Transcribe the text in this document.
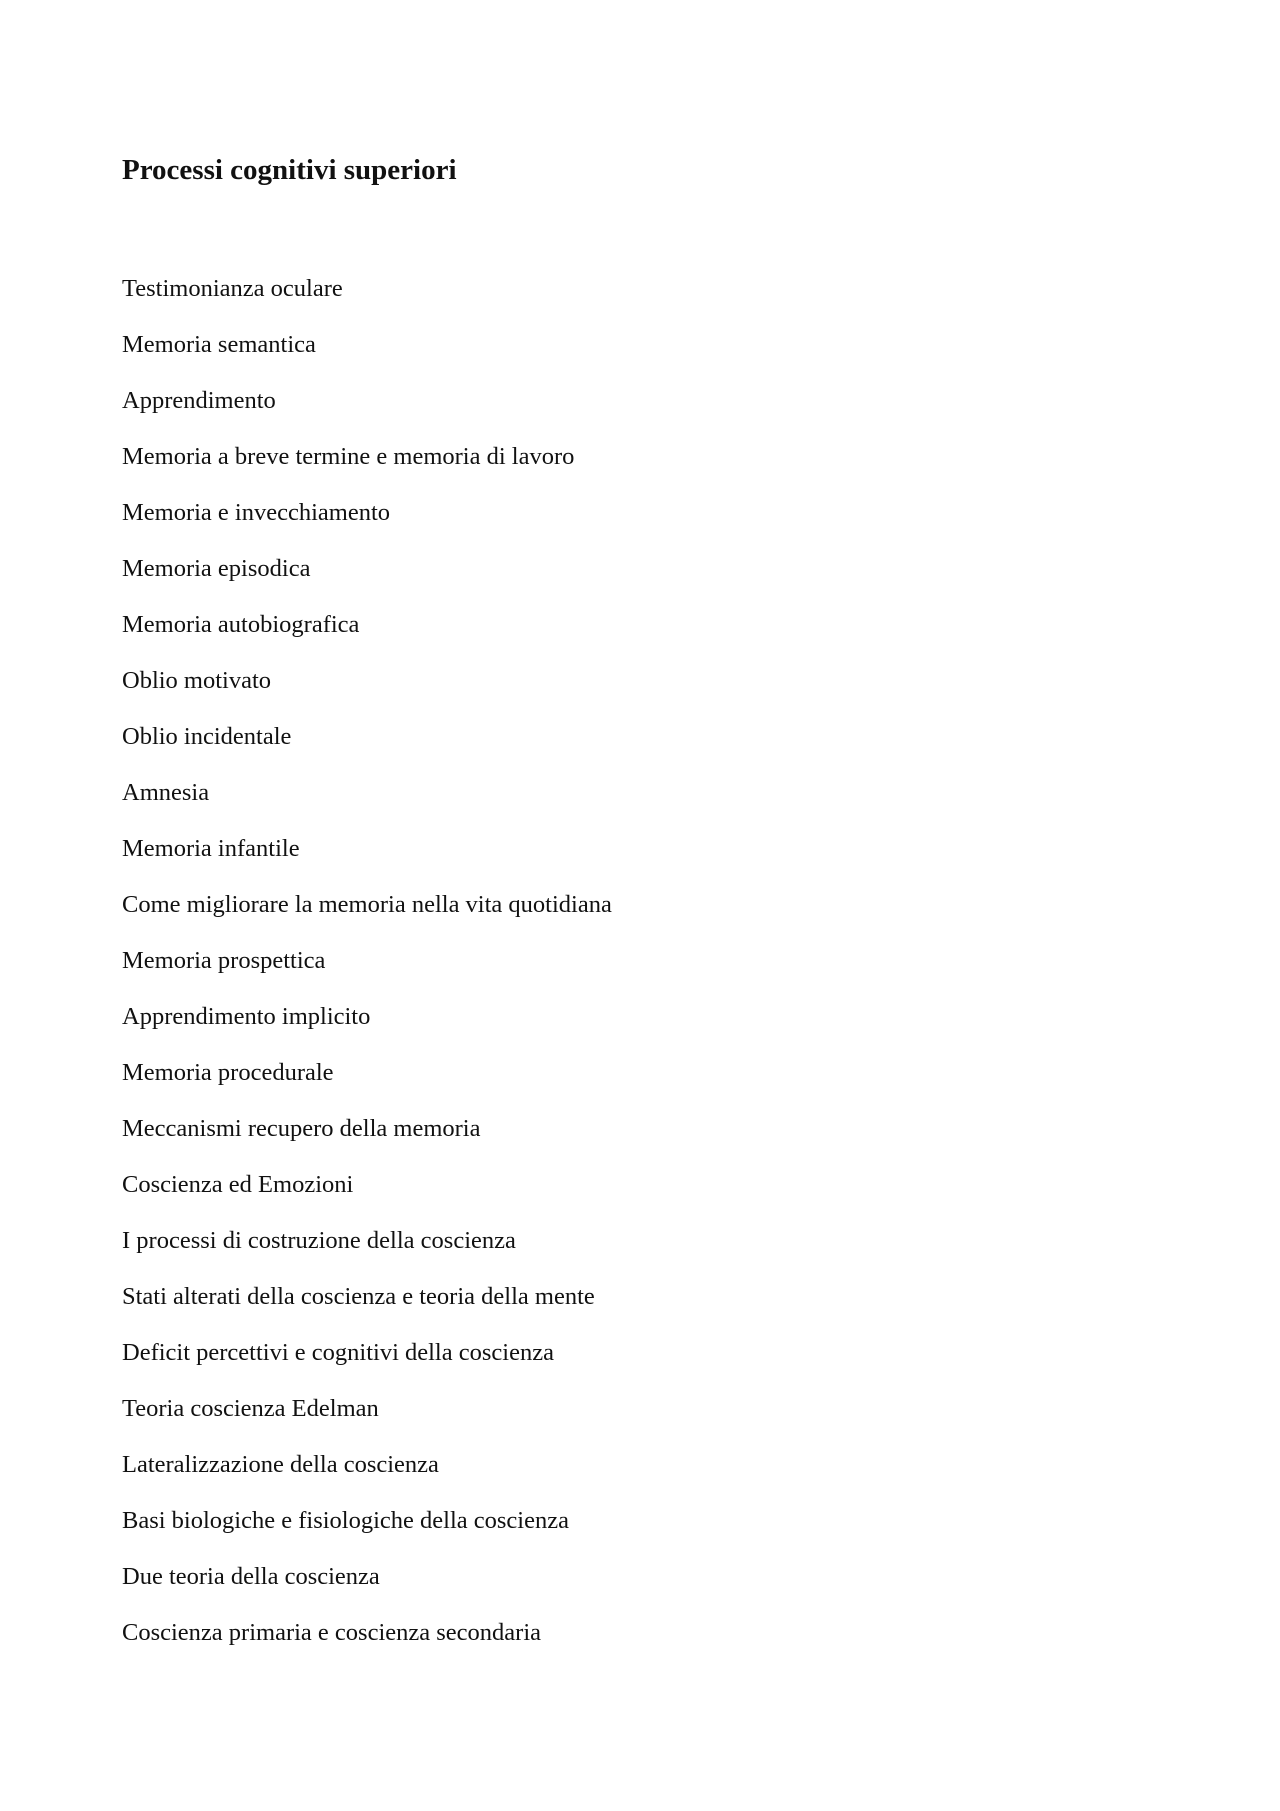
Processi cognitivi superiori
Testimonianza oculare
Memoria semantica
Apprendimento
Memoria a breve termine e memoria di lavoro
Memoria e invecchiamento
Memoria episodica
Memoria autobiografica
Oblio motivato
Oblio incidentale
Amnesia
Memoria infantile
Come migliorare la memoria nella vita quotidiana
Memoria prospettica
Apprendimento implicito
Memoria procedurale
Meccanismi recupero della memoria
Coscienza ed Emozioni
I processi di costruzione della coscienza
Stati alterati della coscienza e teoria della mente
Deficit percettivi e cognitivi della coscienza
Teoria coscienza Edelman
Lateralizzazione della coscienza
Basi biologiche e fisiologiche della coscienza
Due teoria della coscienza
Coscienza primaria e coscienza secondaria
